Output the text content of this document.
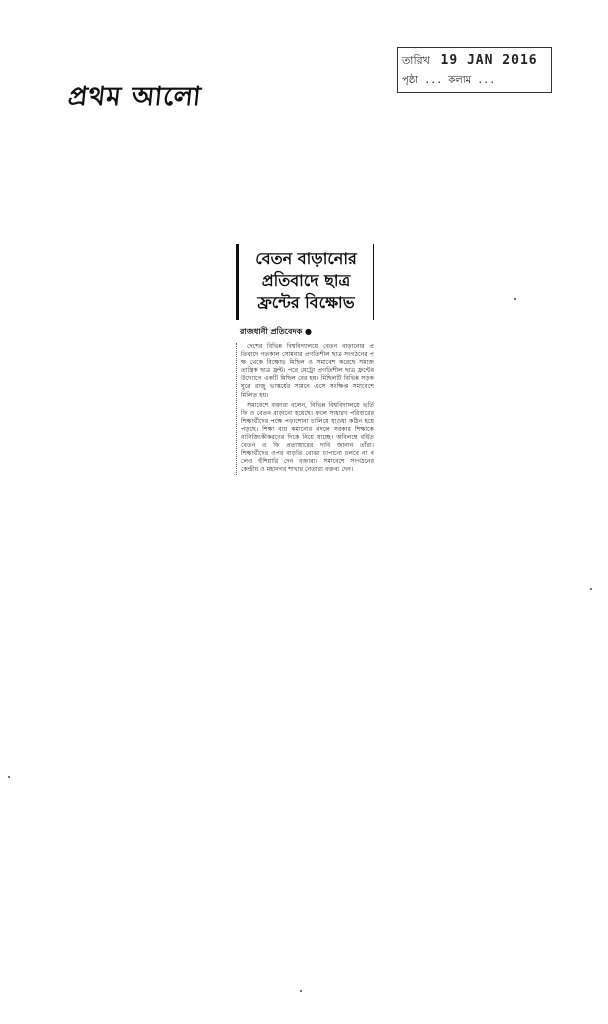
প্রথম আলো
তারিখ 19 JAN 2016
পৃষ্ঠা ... কলাম ...
বেতন বাড়ানোর
প্রতিবাদে ছাত্র
ফ্রন্টের বিক্ষোভ
রাজধানী প্রতিবেদক ●

দেশের বিভিন্ন বিশ্ববিদ্যালয়ে বেতন বাড়ানোর প্রতিবাদে গতকাল সোমবার প্রগতিশীল ছাত্র সংগঠনের পক্ষ থেকে বিক্ষোভ মিছিল ও সমাবেশ করেছে সমাজতান্ত্রিক ছাত্র ফ্রন্ট। পরে মেট্রো প্রগতিশীল ছাত্র ফ্রন্টের উদ্যোগে একটি মিছিল বের হয়। মিছিলটি বিভিন্ন সড়ক ঘুরে রাজু ভাস্কর্যের সামনে এসে সংক্ষিপ্ত সমাবেশে মিলিত হয়।

সমাবেশে বক্তারা বলেন, বিভিন্ন বিশ্ববিদ্যালয়ে ভর্তি ফি ও বেতন বাড়ানো হয়েছে। ফলে সাধারণ পরিবারের শিক্ষার্থীদের পক্ষে পড়াশোনা চালিয়ে যাওয়া কঠিন হয়ে পড়ছে। শিক্ষা ব্যয় কমানোর বদলে সরকার শিক্ষাকে বাণিজ্যিকীকরণের দিকে নিয়ে যাচ্ছে। অবিলম্বে বর্ধিত বেতন ও ফি প্রত্যাহারের দাবি জানান তাঁরা। শিক্ষার্থীদের ওপর বাড়তি বোঝা চাপানো চলবে না বলেও হুঁশিয়ারি দেন বক্তারা। সমাবেশে সংগঠনের কেন্দ্রীয় ও মহানগর শাখার নেতারা বক্তব্য দেন।
